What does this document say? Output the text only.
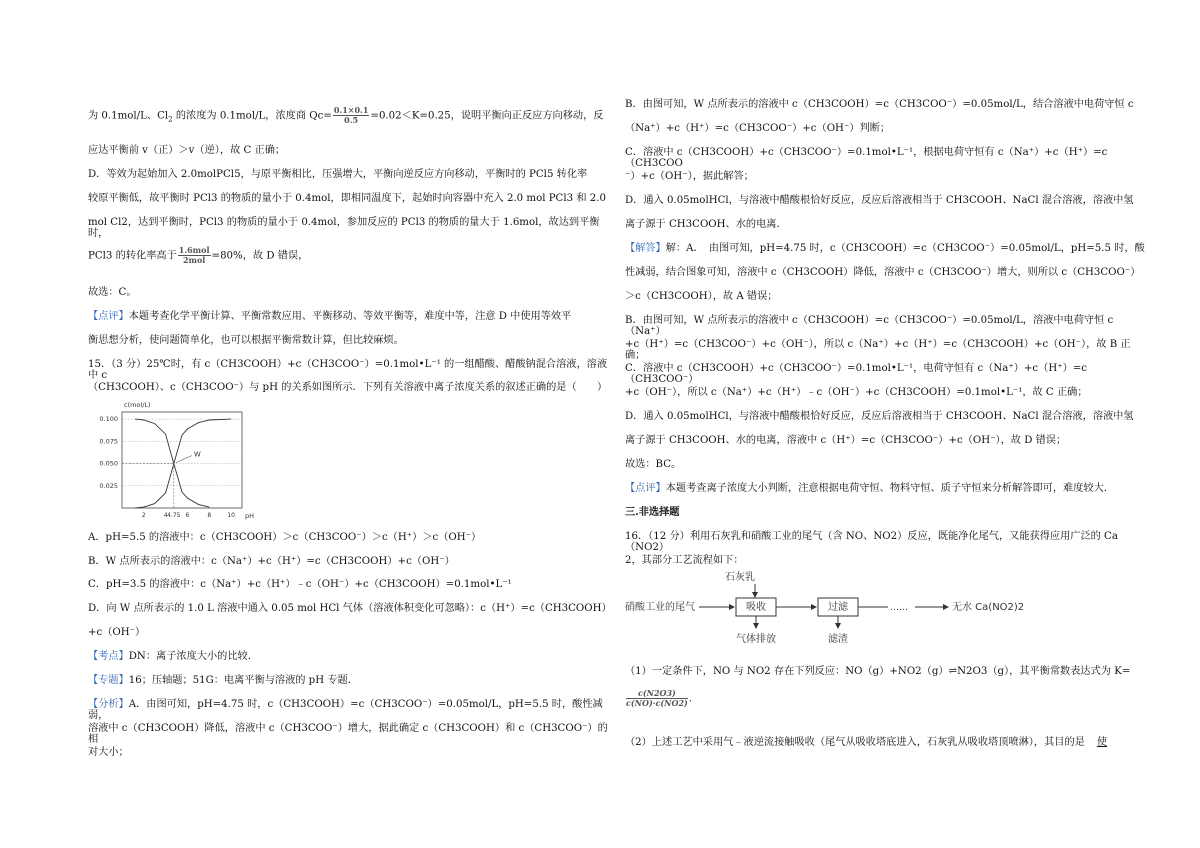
为 0.1mol/L、$Cl_2$ 的浓度为 0.1mol/L，浓度商 $Qc= \frac{0.1\times 0.1}{0.5} =0.02<K=0.25$，说明平衡向正反应方向移动，反

应达平衡前 v（正）＞v（逆），故 C 正确；

D．等效为起始加入 2.0molPCl5，与原平衡相比，压强增大，平衡向逆反应方向移动，平衡时的 PCl5 转化率

较原平衡低，故平衡时 PCl3 的物质的量小于 0.4mol，即相同温度下，起始时向容器中充入 2.0 mol PCl3 和 2.0

mol Cl2，达到平衡时，PCl3 的物质的量小于 0.4mol，参加反应的 PCl3 的物质的量大于 1.6mol，故达到平衡时，

PCl3 的转化率高于 $\frac{\text{1.6mol}}{\text{2mol}} =80\%$，故 D 错误，

故选：C。

【点评】本题考查化学平衡计算、平衡常数应用、平衡移动、等效平衡等，难度中等，注意 D 中使用等效平

衡思想分析，使问题简单化，也可以根据平衡常数计算，但比较麻烦。

15．（3 分）25℃时，有 c（CH3COOH）+c（CH3COO⁻）=0.1mol•L⁻¹ 的一组醋酸、醋酸钠混合溶液，溶液中 c

（CH3COOH）、c（CH3COO⁻）与 pH 的关系如图所示．下列有关溶液中离子浓度关系的叙述正确的是（　　）

c(mol/L)
pH
0.100
0.075
0.050
0.025
2	4 4.75 6	8	10
W

A．pH=5.5 的溶液中：c（CH3COOH）＞c（CH3COO⁻）＞c（H⁺）＞c（OH⁻）

B．W 点所表示的溶液中：c（Na⁺）+c（H⁺）=c（CH3COOH）+c（OH⁻）

C．pH=3.5 的溶液中：c（Na⁺）+c（H⁺）﹣c（OH⁻）+c（CH3COOH）=0.1mol•L⁻¹

D．向 W 点所表示的 1.0 L 溶液中通入 0.05 mol HCl 气体（溶液体积变化可忽略）：c（H⁺）=c（CH3COOH）

+c（OH⁻）

【考点】DN：离子浓度大小的比较．

【专题】16；压轴题；51G：电离平衡与溶液的 pH 专题．

【分析】A．由图可知，pH=4.75 时，c（CH3COOH）=c（CH3COO⁻）=0.05mol/L，pH=5.5 时，酸性减弱，

溶液中 c（CH3COOH）降低，溶液中 c（CH3COO⁻）增大，据此确定 c（CH3COOH）和 c（CH3COO⁻）的相

对大小；

B．由图可知，W 点所表示的溶液中 c（CH3COOH）=c（CH3COO⁻）=0.05mol/L，结合溶液中电荷守恒 c

（Na⁺）+c（H⁺）=c（CH3COO⁻）+c（OH⁻）判断；

C．溶液中 c（CH3COOH）+c（CH3COO⁻）=0.1mol•L⁻¹，根据电荷守恒有 c（Na⁺）+c（H⁺）=c（CH3COO

⁻）+c（OH⁻），据此解答；

D．通入 0.05molHCl，与溶液中醋酸根恰好反应，反应后溶液相当于 CH3COOH、NaCl 混合溶液，溶液中氢

离子源于 CH3COOH、水的电离．

【解答】解：A．　由图可知，pH=4.75 时，c（CH3COOH）=c（CH3COO⁻）=0.05mol/L，pH=5.5 时，酸

性减弱，结合图象可知，溶液中 c（CH3COOH）降低，溶液中 c（CH3COO⁻）增大，则所以 c（CH3COO⁻）

＞c（CH3COOH），故 A 错误；

B．由图可知，W 点所表示的溶液中 c（CH3COOH）=c（CH3COO⁻）=0.05mol/L，溶液中电荷守恒 c（Na⁺）

+c（H⁺）=c（CH3COO⁻）+c（OH⁻），所以 c（Na⁺）+c（H⁺）=c（CH3COOH）+c（OH⁻），故 B 正确；

C．溶液中 c（CH3COOH）+c（CH3COO⁻）=0.1mol•L⁻¹，电荷守恒有 c（Na⁺）+c（H⁺）=c（CH3COO⁻）

+c（OH⁻），所以 c（Na⁺）+c（H⁺）﹣c（OH⁻）+c（CH3COOH）=0.1mol•L⁻¹，故 C 正确；

D．通入 0.05molHCl，与溶液中醋酸根恰好反应，反应后溶液相当于 CH3COOH、NaCl 混合溶液，溶液中氢

离子源于 CH3COOH、水的电离，溶液中 c（H⁺）=c（CH3COO⁻）+c（OH⁻），故 D 错误；

故选：BC。

【点评】本题考查离子浓度大小判断，注意根据电荷守恒、物料守恒、质子守恒来分析解答即可，难度较大．

三.非选择题

16．（12 分）利用石灰乳和硝酸工业的尾气（含 NO、NO2）反应，既能净化尾气，又能获得应用广泛的 Ca（NO2）

2，其部分工艺流程如下：

石灰乳
硝酸工业的尾气	吸收	过滤	……	无水 Ca(NO2)2
气体排放	滤渣

（1）一定条件下，NO 与 NO2 存在下列反应：NO（g）+NO2（g）⇌N2O3（g），其平衡常数表达式为 K=

$\frac{c(N2O3)}{c(NO)\cdot c(NO2)}$ .

（2）上述工艺中采用气﹣液逆流接触吸收（尾气从吸收塔底进入，石灰乳从吸收塔顶喷淋），其目的是 使
